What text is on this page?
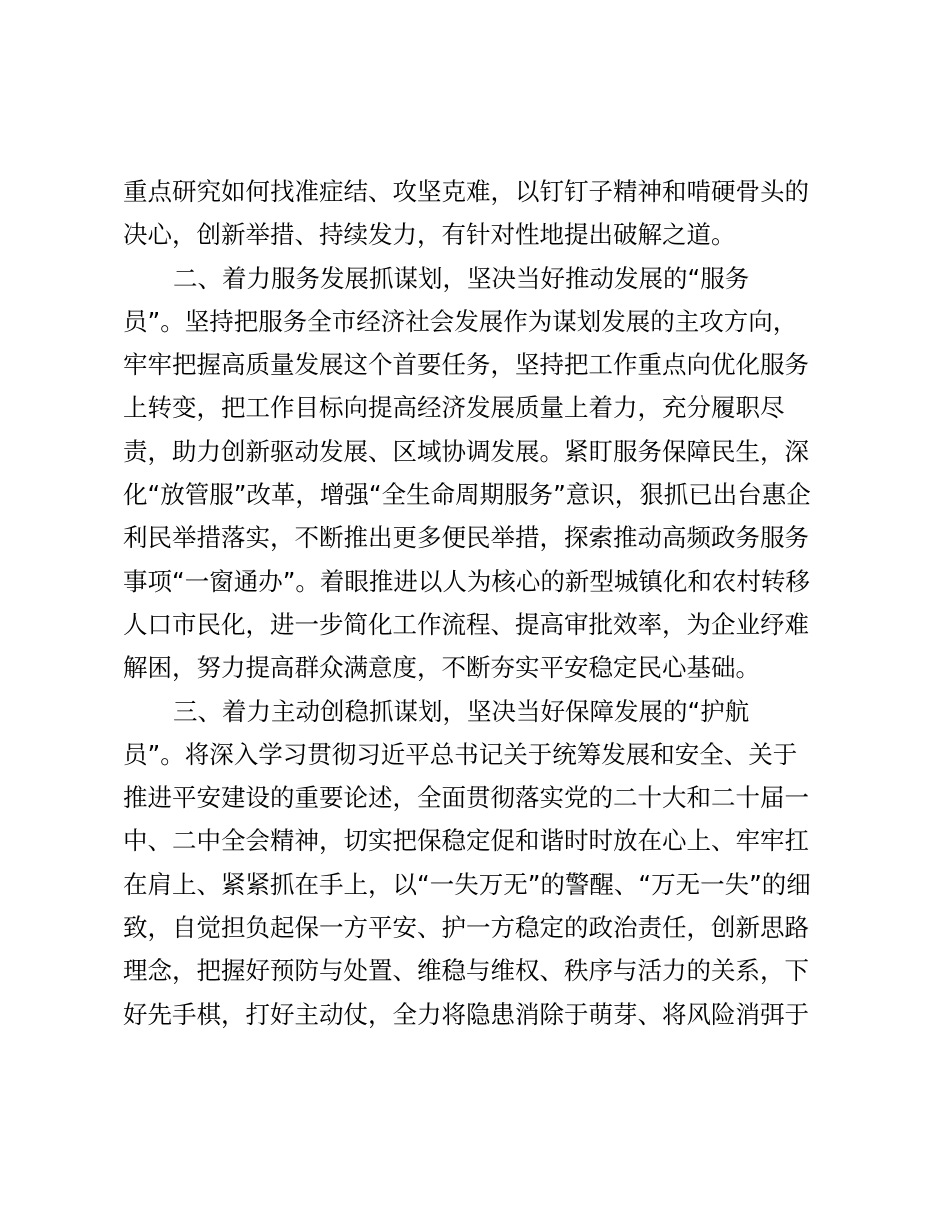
重点研究如何找准症结、攻坚克难，以钉钉子精神和啃硬骨头的
决心，创新举措、持续发力，有针对性地提出破解之道。
二、着力服务发展抓谋划，坚决当好推动发展的“服务
员”。坚持把服务全市经济社会发展作为谋划发展的主攻方向，
牢牢把握高质量发展这个首要任务，坚持把工作重点向优化服务
上转变，把工作目标向提高经济发展质量上着力，充分履职尽
责，助力创新驱动发展、区域协调发展。紧盯服务保障民生，深
化“放管服”改革，增强“全生命周期服务”意识，狠抓已出台惠企
利民举措落实，不断推出更多便民举措，探索推动高频政务服务
事项“一窗通办”。着眼推进以人为核心的新型城镇化和农村转移
人口市民化，进一步简化工作流程、提高审批效率，为企业纾难
解困，努力提高群众满意度，不断夯实平安稳定民心基础。
三、着力主动创稳抓谋划，坚决当好保障发展的“护航
员”。将深入学习贯彻习近平总书记关于统筹发展和安全、关于
推进平安建设的重要论述，全面贯彻落实党的二十大和二十届一
中、二中全会精神，切实把保稳定促和谐时时放在心上、牢牢扛
在肩上、紧紧抓在手上，以“一失万无”的警醒、“万无一失”的细
致，自觉担负起保一方平安、护一方稳定的政治责任，创新思路
理念，把握好预防与处置、维稳与维权、秩序与活力的关系，下
好先手棋，打好主动仗，全力将隐患消除于萌芽、将风险消弭于
